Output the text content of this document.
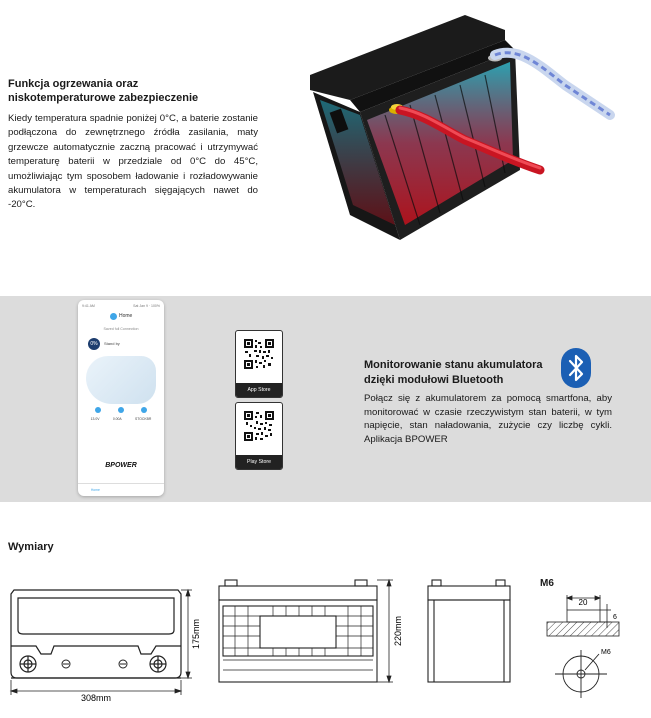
Funkcja ogrzewania oraz
niskotemperaturowe zabezpieczenie
Kiedy temperatura spadnie poniżej 0°C, a baterie zostanie podłączona do zewnętrznego źródła zasilania, maty grzewcze automatycznie zaczną pracować i utrzymywać temperaturę baterii w przedziale od 0°C do 45°C, umożliwiając tym sposobem ładowanie i rozładowywanie akumulatora w temperaturach sięgających nawet do -20°C.
9:41 AM	Sat Jan 9 · 100%
Home
Saved full Connection
0%	Stand by
13.0V	0.00A	STOCKBR
BPOWER
Home
App Store
Play Store
Monitorowanie stanu akumulatora
dzięki modułowi Bluetooth
Połącz się z akumulatorem za pomocą smartfona, aby monitorować w czasie rzeczywistym stan baterii, w tym napięcie, stan naładowania, zużycie czy liczbę cykli. Aplikacja BPOWER
Wymiary
175mm
308mm
220mm
M6
20
6
M6
